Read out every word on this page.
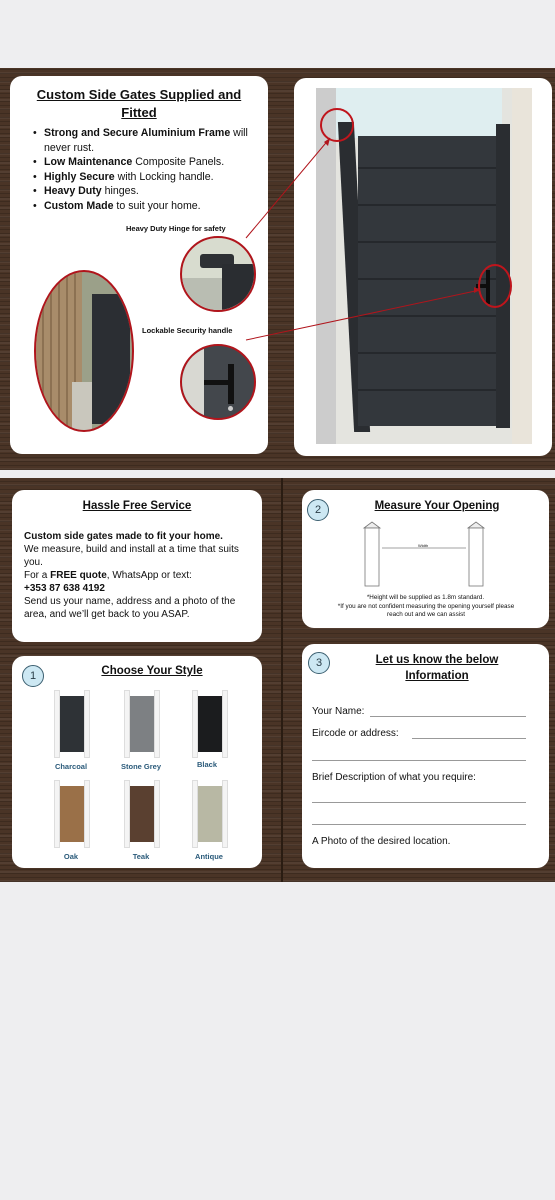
Custom Side Gates Supplied and Fitted
• Strong and Secure Aluminium Frame will never rust.
• Low Maintenance Composite Panels.
• Highly Secure with Locking handle.
• Heavy Duty hinges.
• Custom Made to suit your home.
Heavy Duty Hinge for safety
Lockable Security handle
Hassle Free Service
Custom side gates made to fit your home.
We measure, build and install at a time that suits you.
For a FREE quote, WhatsApp or text:
+353 87 638 4192
Send us your name, address and a photo of the area, and we’ll get back to you ASAP.
2	Measure Your Opening
Width
*Height will be supplied as 1.8m standard.
*If you are not confident measuring the opening yourself please reach out and we can assist
1	Choose Your Style
Charcoal	Stone Grey	Black
Oak	Teak	Antique
3	Let us know the below Information
Your Name:
Eircode or address:
Brief Description of what you require:
A Photo of the desired location.
